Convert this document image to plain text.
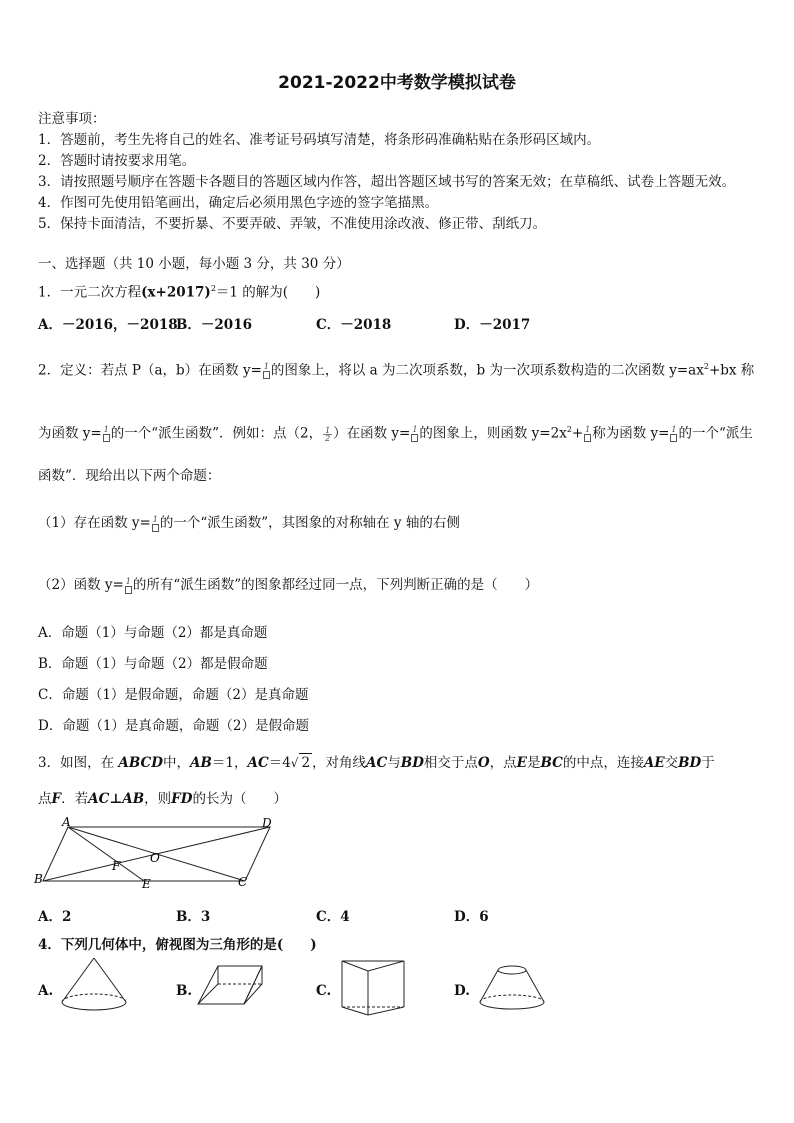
2021-2022中考数学模拟试卷
注意事项：
1．答题前，考生先将自己的姓名、准考证号码填写清楚，将条形码准确粘贴在条形码区域内。
2．答题时请按要求用笔。
3．请按照题号顺序在答题卡各题目的答题区域内作答，超出答题区域书写的答案无效；在草稿纸、试卷上答题无效。
4．作图可先使用铅笔画出，确定后必须用黑色字迹的签字笔描黑。
5．保持卡面清洁，不要折暴、不要弄破、弄皱，不准使用涂改液、修正带、刮纸刀。
一、选择题（共 10 小题，每小题 3 分，共 30 分）
1．一元二次方程$(x+2017)^2=1$ 的解为(　　)
A．－2016，－2018
B．－2016	C．－2018	D．－2017
2．定义：若点 P（a，b）在函数 y= 1 的图象上，将以 a 为二次项系数，b 为一次项系数构造的二次函数 $y=ax^2+bx$ 称
为函数 y= 1 的一个“派生函数”．例如：点（2， $\frac{1}{2}$ ）在函数 y= 1 的图象上，则函数 $y=2x^2+ 1$ 称为函数 y= 1 的一个“派生
函数”．现给出以下两个命题：
（1）存在函数 y= 1 的一个“派生函数”，其图象的对称轴在 y 轴的右侧
（2）函数 y= 1 的所有“派生函数”的图象都经过同一点，下列判断正确的是（　　）
A．命题（1）与命题（2）都是真命题
B．命题（1）与命题（2）都是假命题
C．命题（1）是假命题，命题（2）是真命题
D．命题（1）是真命题，命题（2）是假命题
3．如图，在 ABCD中，AB＝1，AC＝4√ 2 ，对角线AC与BD相交于点O，点E是BC的中点，连接AE交BD于
点F．若AC⊥AB，则FD的长为（　　）
A	D
B	C
O
F
E
A．2	B．3	C．4	D．6
4．下列几何体中，俯视图为三角形的是(　　)
A.	B.	C.	D.
